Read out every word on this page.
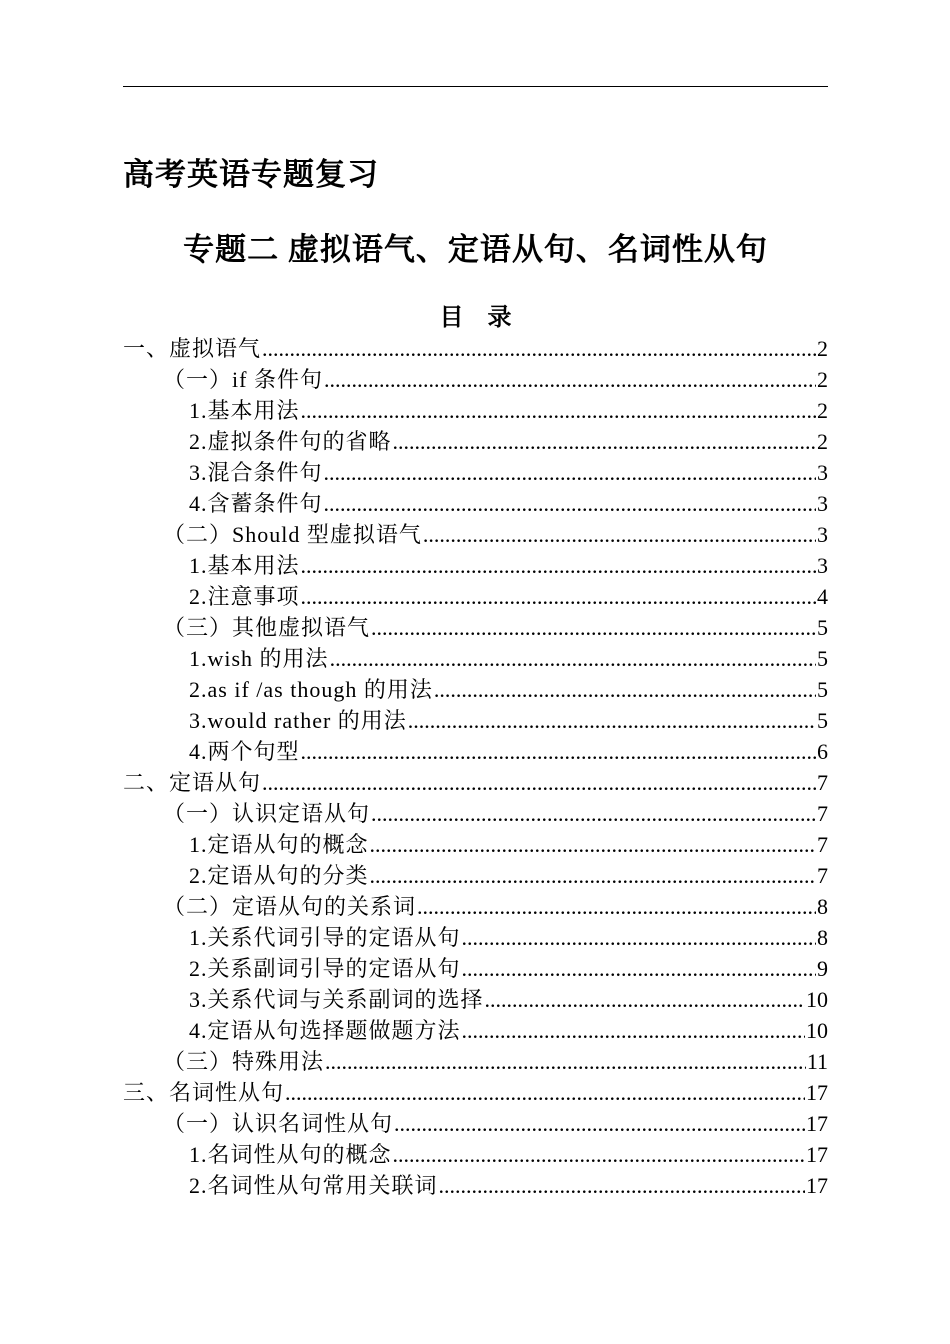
高考英语专题复习
专题二 虚拟语气、定语从句、名词性从句
目    录
一、虚拟语气 .....	2
（一）if 条件句 .....	2
1.基本用法 .....	2
2.虚拟条件句的省略 .....	2
3.混合条件句 .....	3
4.含蓄条件句 .....	3
（二）Should 型虚拟语气 .....	3
1.基本用法 .....	3
2.注意事项 .....	4
（三）其他虚拟语气 .....	5
1.wish 的用法 .....	5
2.as if /as though 的用法 .....	5
3.would rather 的用法 .....	5
4.两个句型 .....	6
二、定语从句 .....	7
（一）认识定语从句 .....	7
1.定语从句的概念 .....	7
2.定语从句的分类 .....	7
（二）定语从句的关系词 .....	8
1.关系代词引导的定语从句 .....	8
2.关系副词引导的定语从句 .....	9
3.关系代词与关系副词的选择 .....	10
4.定语从句选择题做题方法 .....	10
（三）特殊用法 .....	11
三、名词性从句 .....	17
（一）认识名词性从句 .....	17
1.名词性从句的概念 .....	17
2.名词性从句常用关联词 .....	17
